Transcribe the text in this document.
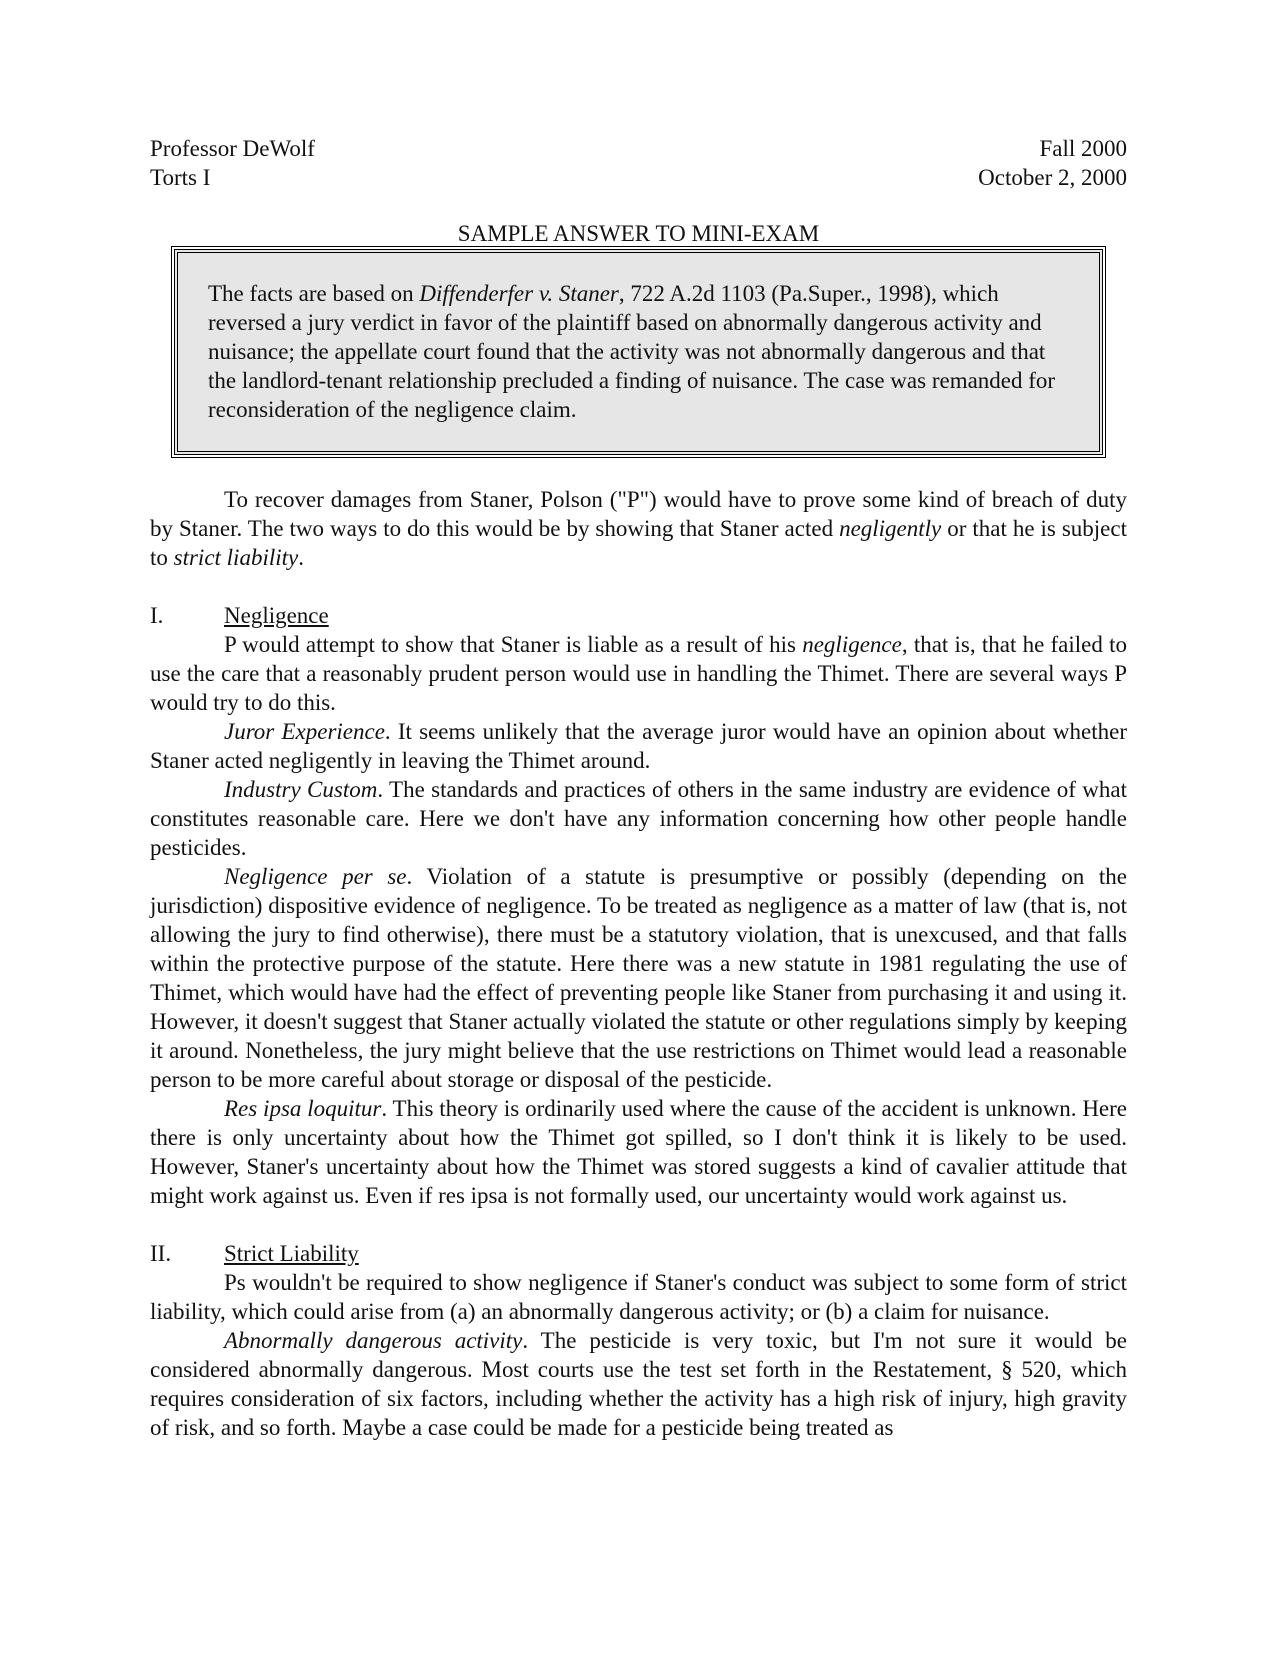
Professor DeWolf
Torts I
Fall 2000
October 2, 2000
SAMPLE ANSWER TO MINI-EXAM

The facts are based on Diffenderfer v. Staner, 722 A.2d 1103 (Pa.Super., 1998), which reversed a jury verdict in favor of the plaintiff based on abnormally dangerous activity and nuisance; the appellate court found that the activity was not abnormally dangerous and that the landlord-tenant relationship precluded a finding of nuisance. The case was remanded for reconsideration of the negligence claim.

To recover damages from Staner, Polson ("P") would have to prove some kind of breach of duty by Staner. The two ways to do this would be by showing that Staner acted negligently or that he is subject to strict liability.

I.	Negligence

P would attempt to show that Staner is liable as a result of his negligence, that is, that he failed to use the care that a reasonably prudent person would use in handling the Thimet. There are several ways P would try to do this.

Juror Experience. It seems unlikely that the average juror would have an opinion about whether Staner acted negligently in leaving the Thimet around.

Industry Custom. The standards and practices of others in the same industry are evidence of what constitutes reasonable care. Here we don't have any information concerning how other people handle pesticides.

Negligence per se. Violation of a statute is presumptive or possibly (depending on the jurisdiction) dispositive evidence of negligence. To be treated as negligence as a matter of law (that is, not allowing the jury to find otherwise), there must be a statutory violation, that is unexcused, and that falls within the protective purpose of the statute. Here there was a new statute in 1981 regulating the use of Thimet, which would have had the effect of preventing people like Staner from purchasing it and using it. However, it doesn't suggest that Staner actually violated the statute or other regulations simply by keeping it around. Nonetheless, the jury might believe that the use restrictions on Thimet would lead a reasonable person to be more careful about storage or disposal of the pesticide.

Res ipsa loquitur. This theory is ordinarily used where the cause of the accident is unknown. Here there is only uncertainty about how the Thimet got spilled, so I don't think it is likely to be used. However, Staner's uncertainty about how the Thimet was stored suggests a kind of cavalier attitude that might work against us. Even if res ipsa is not formally used, our uncertainty would work against us.

II.	Strict Liability

Ps wouldn't be required to show negligence if Staner's conduct was subject to some form of strict liability, which could arise from (a) an abnormally dangerous activity; or (b) a claim for nuisance.

Abnormally dangerous activity. The pesticide is very toxic, but I'm not sure it would be considered abnormally dangerous. Most courts use the test set forth in the Restatement, § 520, which requires consideration of six factors, including whether the activity has a high risk of injury, high gravity of risk, and so forth. Maybe a case could be made for a pesticide being treated as
